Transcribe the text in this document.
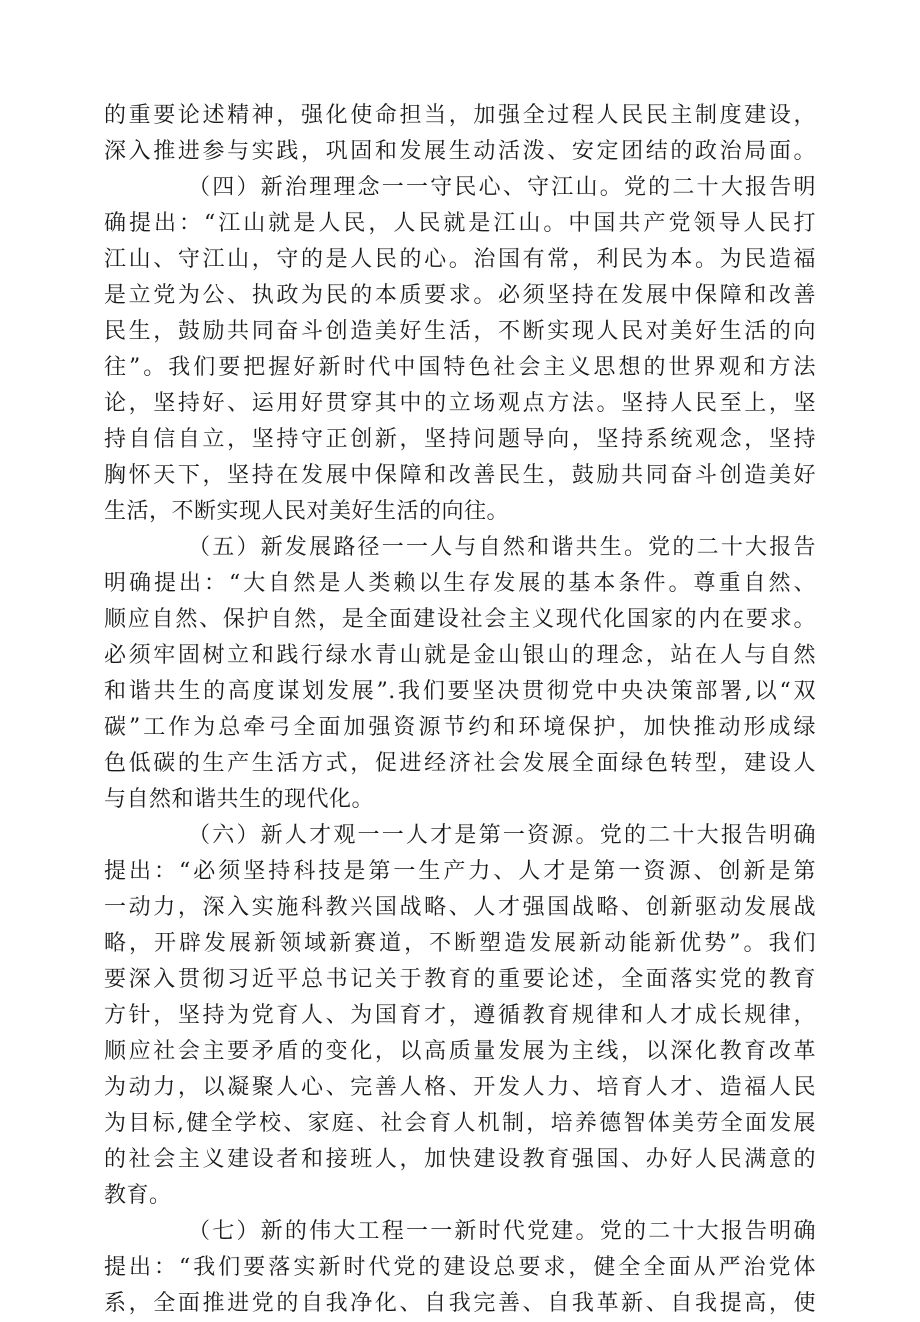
的重要论述精神，强化使命担当，加强全过程人民民主制度建设，
深入推进参与实践，巩固和发展生动活泼、安定团结的政治局面。
（四）新治理理念一一守民心、守江山。党的二十大报告明
确提出：“江山就是人民，人民就是江山。中国共产党领导人民打
江山、守江山，守的是人民的心。治国有常，利民为本。为民造福
是立党为公、执政为民的本质要求。必须坚持在发展中保障和改善
民生，鼓励共同奋斗创造美好生活，不断实现人民对美好生活的向
往”。我们要把握好新时代中国特色社会主义思想的世界观和方法
论，坚持好、运用好贯穿其中的立场观点方法。坚持人民至上，坚
持自信自立，坚持守正创新，坚持问题导向，坚持系统观念，坚持
胸怀天下，坚持在发展中保障和改善民生，鼓励共同奋斗创造美好
生活，不断实现人民对美好生活的向往。
（五）新发展路径一一人与自然和谐共生。党的二十大报告
明确提出：“大自然是人类赖以生存发展的基本条件。尊重自然、
顺应自然、保护自然，是全面建设社会主义现代化国家的内在要求。
必须牢固树立和践行绿水青山就是金山银山的理念，站在人与自然
和谐共生的高度谋划发展”.我们要坚决贯彻党中央决策部署,以“双
碳”工作为总牵弓全面加强资源节约和环境保护，加快推动形成绿
色低碳的生产生活方式，促进经济社会发展全面绿色转型，建设人
与自然和谐共生的现代化。
（六）新人才观一一人才是第一资源。党的二十大报告明确
提出：“必须坚持科技是第一生产力、人才是第一资源、创新是第
一动力，深入实施科教兴国战略、人才强国战略、创新驱动发展战
略，开辟发展新领域新赛道，不断塑造发展新动能新优势”。我们
要深入贯彻习近平总书记关于教育的重要论述，全面落实党的教育
方针，坚持为党育人、为国育才，遵循教育规律和人才成长规律，
顺应社会主要矛盾的变化，以高质量发展为主线，以深化教育改革
为动力，以凝聚人心、完善人格、开发人力、培育人才、造福人民
为目标,健全学校、家庭、社会育人机制，培养德智体美劳全面发展
的社会主义建设者和接班人，加快建设教育强国、办好人民满意的
教育。
（七）新的伟大工程一一新时代党建。党的二十大报告明确
提出：“我们要落实新时代党的建设总要求，健全全面从严治党体
系，全面推进党的自我净化、自我完善、自我革新、自我提高，使
